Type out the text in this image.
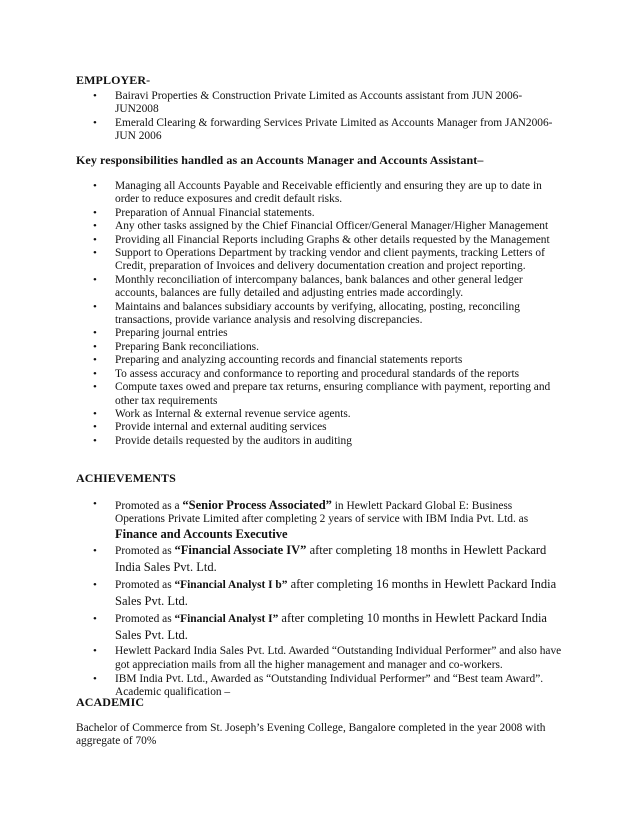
EMPLOYER-
• Bairavi Properties & Construction Private Limited as Accounts assistant from JUN 2006-JUN2008
• Emerald Clearing & forwarding Services Private Limited as Accounts Manager from JAN2006-JUN 2006
Key responsibilities handled as an Accounts Manager and Accounts Assistant–
• Managing all Accounts Payable and Receivable efficiently and ensuring they are up to date in order to reduce exposures and credit default risks.
• Preparation of Annual Financial statements.
• Any other tasks assigned by the Chief Financial Officer/General Manager/Higher Management
• Providing all Financial Reports including Graphs & other details requested by the Management
• Support to Operations Department by tracking vendor and client payments, tracking Letters of Credit, preparation of Invoices and delivery documentation creation and project reporting.
• Monthly reconciliation of intercompany balances, bank balances and other general ledger accounts, balances are fully detailed and adjusting entries made accordingly.
• Maintains and balances subsidiary accounts by verifying, allocating, posting, reconciling transactions, provide variance analysis and resolving discrepancies.
• Preparing journal entries
• Preparing Bank reconciliations.
• Preparing and analyzing accounting records and financial statements reports
• To assess accuracy and conformance to reporting and procedural standards of the reports
• Compute taxes owed and prepare tax returns, ensuring compliance with payment, reporting and other tax requirements
• Work as Internal & external revenue service agents.
• Provide internal and external auditing services
• Provide details requested by the auditors in auditing
ACHIEVEMENTS
• Promoted as a “Senior Process Associated” in Hewlett Packard Global E: Business Operations Private Limited after completing 2 years of service with IBM India Pvt. Ltd. as Finance and Accounts Executive
• Promoted as “Financial Associate IV” after completing 18 months in Hewlett Packard India Sales Pvt. Ltd.
• Promoted as “Financial Analyst I b” after completing 16 months in Hewlett Packard India Sales Pvt. Ltd.
• Promoted as “Financial Analyst I” after completing 10 months in Hewlett Packard India Sales Pvt. Ltd.
• Hewlett Packard India Sales Pvt. Ltd. Awarded “Outstanding Individual Performer” and also have got appreciation mails from all the higher management and manager and co-workers.
• IBM India Pvt. Ltd., Awarded as “Outstanding Individual Performer” and “Best team Award”. Academic qualification –
ACADEMIC

Bachelor of Commerce from St. Joseph’s Evening College, Bangalore completed in the year 2008 with aggregate of 70%
